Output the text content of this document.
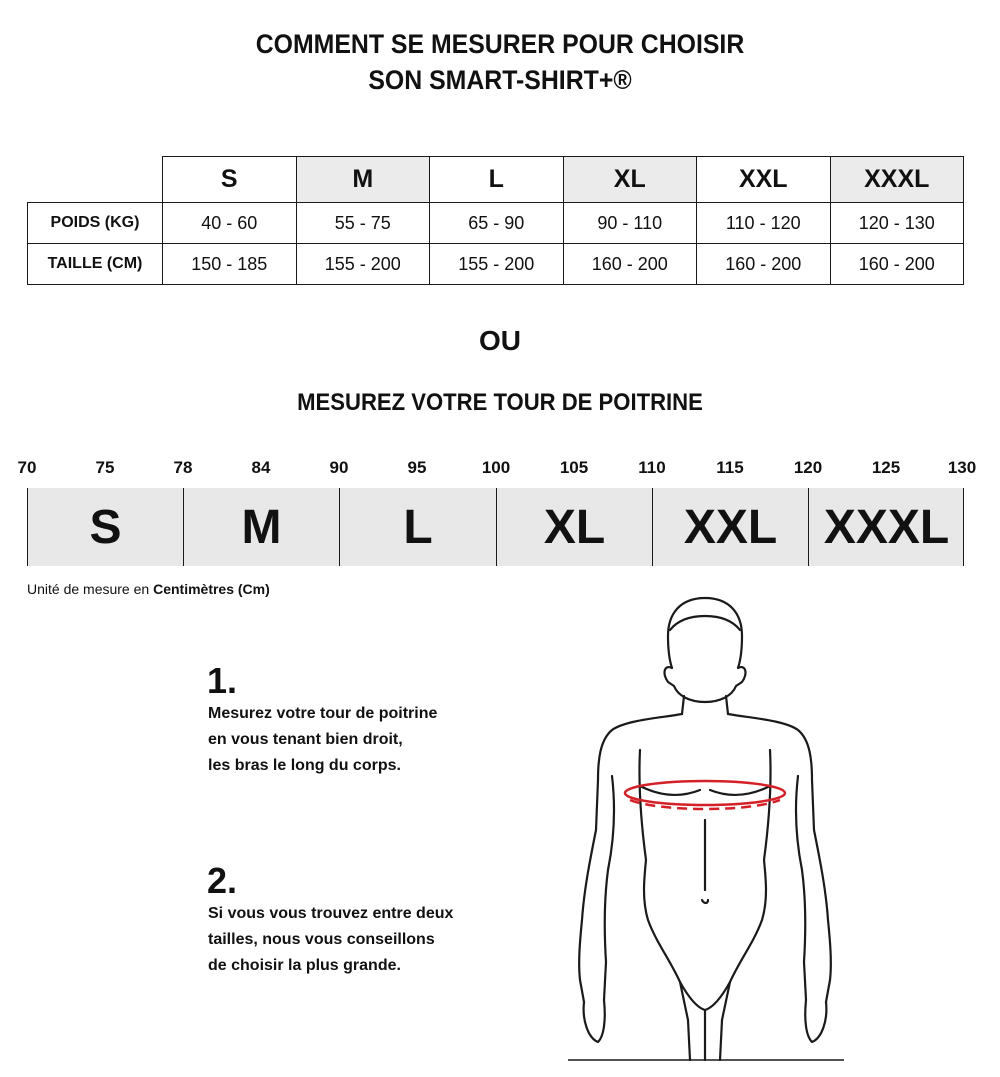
COMMENT SE MESURER POUR CHOISIR
SON SMART-SHIRT+®
	S	M	L	XL	XXL	XXXL
POIDS (KG)	40 - 60	55 - 75	65 - 90	90 - 110	110 - 120	120 - 130
TAILLE (CM)	150 - 185	155 - 200	155 - 200	160 - 200	160 - 200	160 - 200
OU
MESUREZ VOTRE TOUR DE POITRINE
70	75	78	84	90	95	100	105	110	115	120	125	130
S	M	L	XL	XXL XXXL
Unité de mesure en Centimètres (Cm)
1.
Mesurez votre tour de poitrine
en vous tenant bien droit,
les bras le long du corps.
2.
Si vous vous trouvez entre deux
tailles, nous vous conseillons
de choisir la plus grande.
